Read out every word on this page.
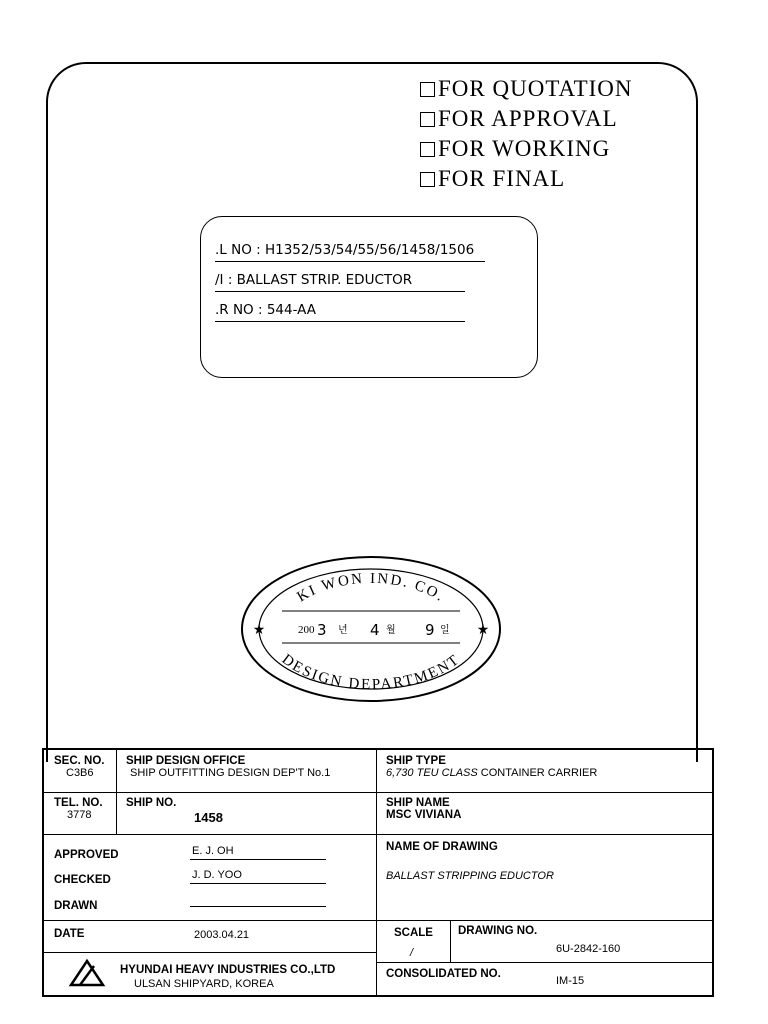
FOR QUOTATION
FOR APPROVAL
FOR WORKING
FOR FINAL
.L NO : H1352/53/54/55/56/1458/1506
/I : BALLAST STRIP. EDUCTOR
.R NO : 544-AA
KI WON IND. CO.
DESIGN DEPARTMENT
★	★
200 3 년 4 월 9 일
SEC. NO.
C3B6
SHIP DESIGN OFFICE
SHIP OUTFITTING DESIGN DEP'T No.1
SHIP TYPE
6,730 TEU CLASS CONTAINER CARRIER
TEL. NO.
3778
SHIP NO.
1458
SHIP NAME
MSC VIVIANA
APPROVED	E. J. OH
CHECKED	J. D. YOO
DRAWN
NAME OF DRAWING
BALLAST STRIPPING EDUCTOR
DATE	2003.04.21	SCALE
/
DRAWING NO.
6U-2842-160
HYUNDAI HEAVY INDUSTRIES CO.,LTD
ULSAN SHIPYARD, KOREA
CONSOLIDATED NO.
IM-15
